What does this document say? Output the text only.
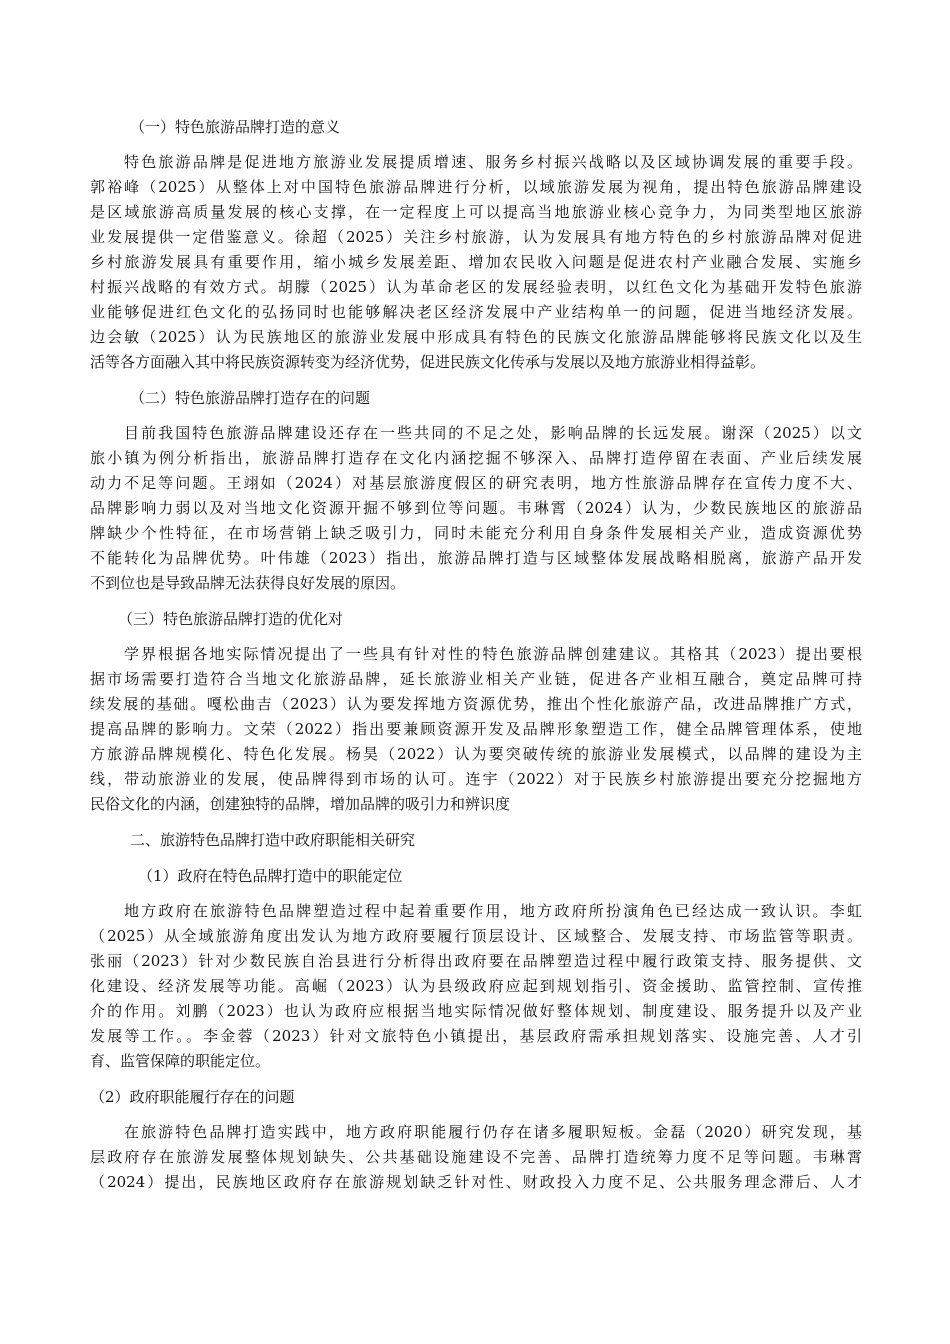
（一）特色旅游品牌打造的意义
特色旅游品牌是促进地方旅游业发展提质增速、服务乡村振兴战略以及区域协调发展的重要手段。
郭裕峰（2025）从整体上对中国特色旅游品牌进行分析，以域旅游发展为视角，提出特色旅游品牌建设
是区域旅游高质量发展的核心支撑，在一定程度上可以提高当地旅游业核心竞争力，为同类型地区旅游
业发展提供一定借鉴意义。徐超（2025）关注乡村旅游，认为发展具有地方特色的乡村旅游品牌对促进
乡村旅游发展具有重要作用，缩小城乡发展差距、增加农民收入问题是促进农村产业融合发展、实施乡
村振兴战略的有效方式。胡朦（2025）认为革命老区的发展经验表明，以红色文化为基础开发特色旅游
业能够促进红色文化的弘扬同时也能够解决老区经济发展中产业结构单一的问题，促进当地经济发展。
边会敏（2025）认为民族地区的旅游业发展中形成具有特色的民族文化旅游品牌能够将民族文化以及生
活等各方面融入其中将民族资源转变为经济优势，促进民族文化传承与发展以及地方旅游业相得益彰。
（二）特色旅游品牌打造存在的问题
目前我国特色旅游品牌建设还存在一些共同的不足之处，影响品牌的长远发展。谢深（2025）以文
旅小镇为例分析指出，旅游品牌打造存在文化内涵挖掘不够深入、品牌打造停留在表面、产业后续发展
动力不足等问题。王翊如（2024）对基层旅游度假区的研究表明，地方性旅游品牌存在宣传力度不大、
品牌影响力弱以及对当地文化资源开掘不够到位等问题。韦琳霄（2024）认为，少数民族地区的旅游品
牌缺少个性特征，在市场营销上缺乏吸引力，同时未能充分利用自身条件发展相关产业，造成资源优势
不能转化为品牌优势。叶伟雄（2023）指出，旅游品牌打造与区域整体发展战略相脱离，旅游产品开发
不到位也是导致品牌无法获得良好发展的原因。
（三）特色旅游品牌打造的优化对
学界根据各地实际情况提出了一些具有针对性的特色旅游品牌创建建议。其格其（2023）提出要根
据市场需要打造符合当地文化旅游品牌，延长旅游业相关产业链，促进各产业相互融合，奠定品牌可持
续发展的基础。嘎松曲吉（2023）认为要发挥地方资源优势，推出个性化旅游产品，改进品牌推广方式，
提高品牌的影响力。文荣（2022）指出要兼顾资源开发及品牌形象塑造工作，健全品牌管理体系，使地
方旅游品牌规模化、特色化发展。杨昊（2022）认为要突破传统的旅游业发展模式，以品牌的建设为主
线，带动旅游业的发展，使品牌得到市场的认可。连宇（2022）对于民族乡村旅游提出要充分挖掘地方
民俗文化的内涵，创建独特的品牌，增加品牌的吸引力和辨识度
二、旅游特色品牌打造中政府职能相关研究
（1）政府在特色品牌打造中的职能定位
地方政府在旅游特色品牌塑造过程中起着重要作用，地方政府所扮演角色已经达成一致认识。李虹
（2025）从全域旅游角度出发认为地方政府要履行顶层设计、区域整合、发展支持、市场监管等职责。
张丽（2023）针对少数民族自治县进行分析得出政府要在品牌塑造过程中履行政策支持、服务提供、文
化建设、经济发展等功能。高崛（2023）认为县级政府应起到规划指引、资金援助、监管控制、宣传推
介的作用。刘鹏（2023）也认为政府应根据当地实际情况做好整体规划、制度建设、服务提升以及产业
发展等工作。。李金蓉（2023）针对文旅特色小镇提出，基层政府需承担规划落实、设施完善、人才引
育、监管保障的职能定位。
（2）政府职能履行存在的问题
在旅游特色品牌打造实践中，地方政府职能履行仍存在诸多履职短板。金磊（2020）研究发现，基
层政府存在旅游发展整体规划缺失、公共基础设施建设不完善、品牌打造统筹力度不足等问题。韦琳霄
（2024）提出，民族地区政府存在旅游规划缺乏针对性、财政投入力度不足、公共服务理念滞后、人才
